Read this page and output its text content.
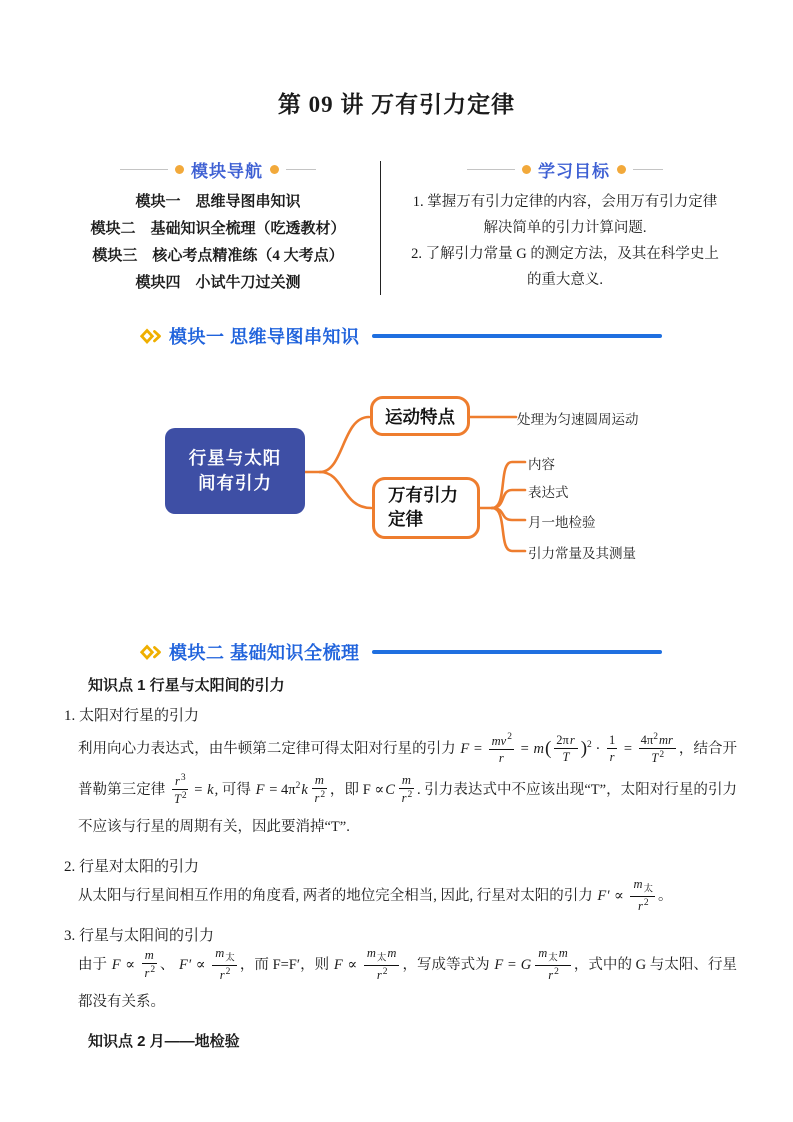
第 09 讲 万有引力定律
模块导航
模块一　思维导图串知识
模块二　基础知识全梳理（吃透教材）
模块三　核心考点精准练（4 大考点）
模块四　小试牛刀过关测
学习目标
1. 掌握万有引力定律的内容，会用万有引力定律
解决简单的引力计算问题.
2. 了解引力常量 G 的测定方法，及其在科学史上
的重大意义.
模块一 思维导图串知识
行星与太阳
间有引力
运动特点	处理为匀速圆周运动
万有引力
定律
内容
表达式
月一地检验
引力常量及其测量
模块二 基础知识全梳理
知识点 1 行星与太阳间的引力
1. 太阳对行星的引力

利用向心力表达式，由牛顿第二定律可得太阳对行星的引力 $F = \frac{mv^2}{r} = m( \frac{2\pi r}{T} )^2 \cdot \frac{1}{r} = \frac{4\pi^2mr}{T^2}$ ，结合开普勒第三定律 $\frac{r^3}{T^2} = k$, 可得 $F = 4\pi^2k \frac{m}{r^2}$ ，即 $F \propto C \frac{m}{r^2}$ . 引力表达式中不应该出现“T”，太阳对行星的引力不应该与行星的周期有关，因此要消掉“T”.

2. 行星对太阳的引力

从太阳与行星间相互作用的角度看, 两者的地位完全相当, 因此, 行星对太阳的引力 $F' \propto \frac{m_太}{r^2}$ 。

3. 行星与太阳间的引力

由于 $F \propto \frac{m}{r^2}$ 、 $F' \propto \frac{m_太}{r^2}$ ，而 F=F′，则 $F \propto \frac{m_太m}{r^2}$ ，写成等式为 F = G $\frac{m_太m}{r^2}$ ，式中的 G 与太阳、行星都没有关系。

知识点 2 月——地检验
